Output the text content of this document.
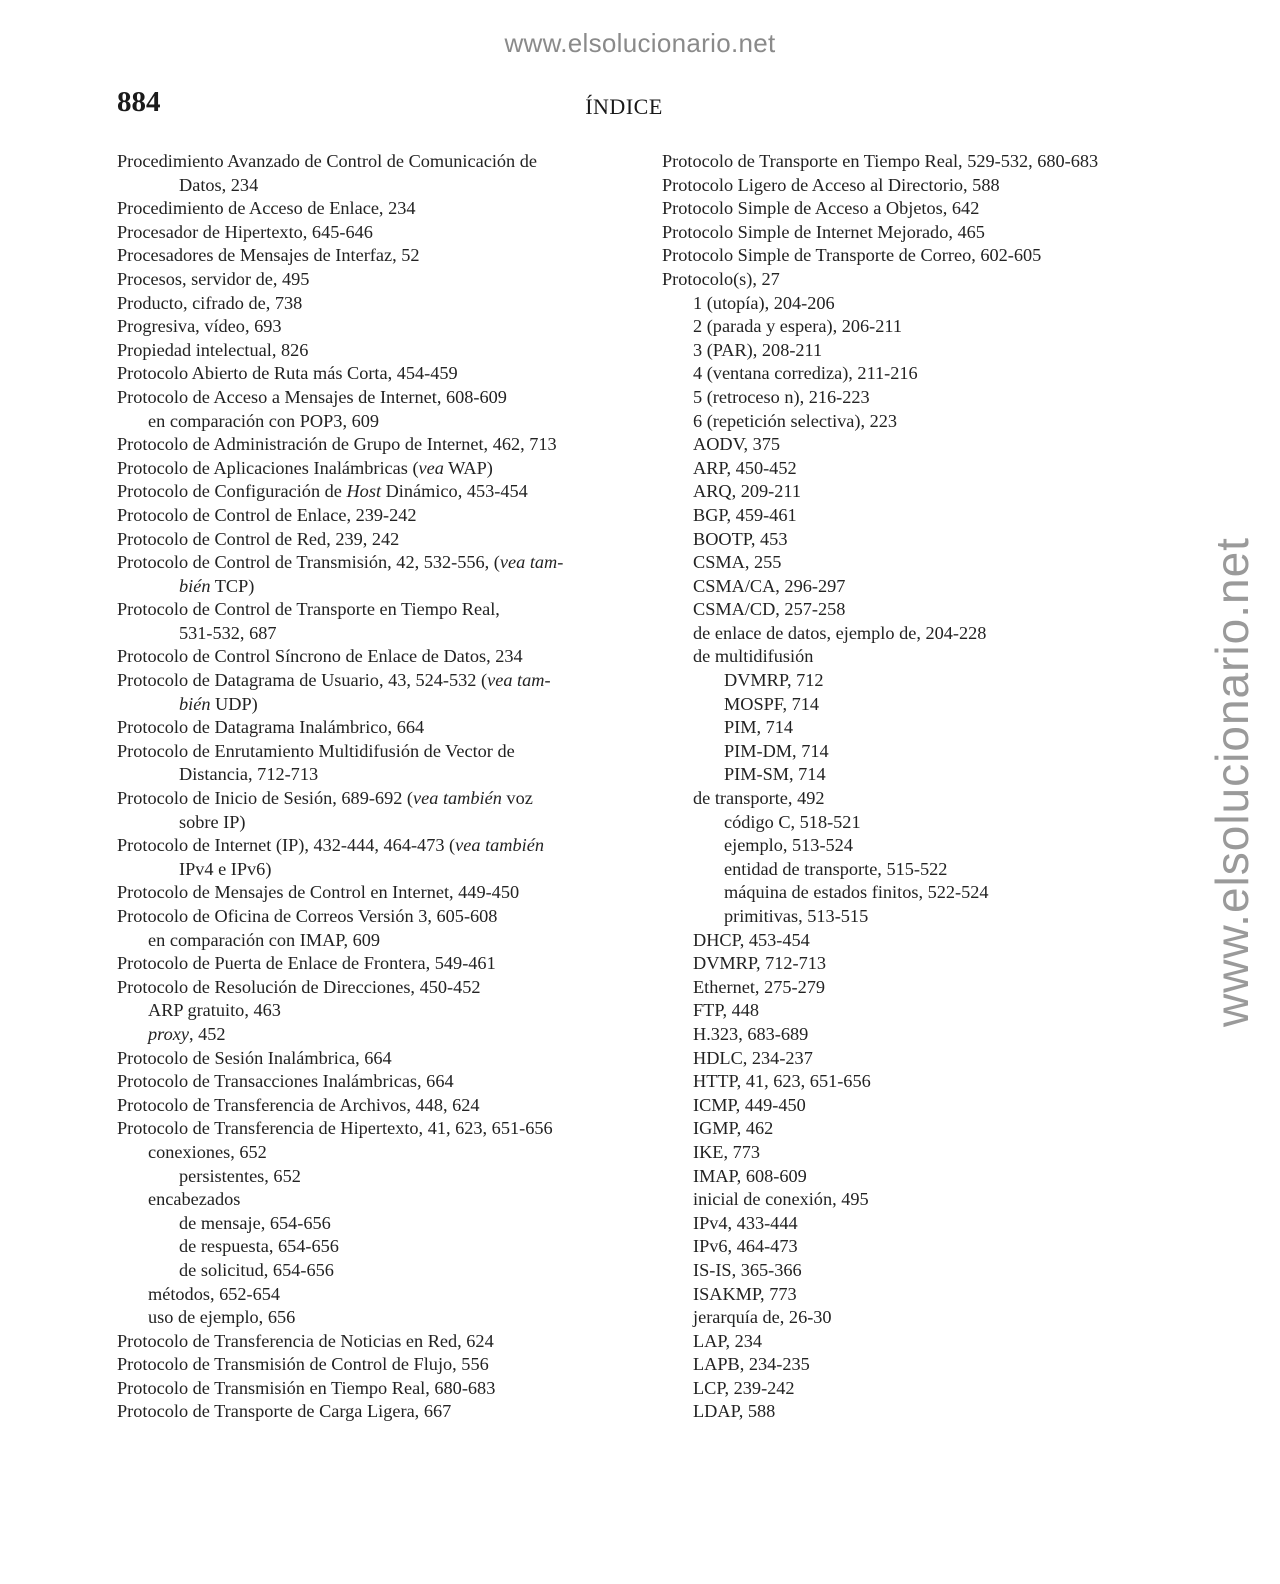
www.elsolucionario.net
www.elsolucionario.net
884	ÍNDICE
Procedimiento Avanzado de Control de Comunicación de
Datos, 234
Procedimiento de Acceso de Enlace, 234
Procesador de Hipertexto, 645-646
Procesadores de Mensajes de Interfaz, 52
Procesos, servidor de, 495
Producto, cifrado de, 738
Progresiva, vídeo, 693
Propiedad intelectual, 826
Protocolo Abierto de Ruta más Corta, 454-459
Protocolo de Acceso a Mensajes de Internet, 608-609
en comparación con POP3, 609
Protocolo de Administración de Grupo de Internet, 462, 713
Protocolo de Aplicaciones Inalámbricas (vea WAP)
Protocolo de Configuración de Host Dinámico, 453-454
Protocolo de Control de Enlace, 239-242
Protocolo de Control de Red, 239, 242
Protocolo de Control de Transmisión, 42, 532-556, (vea tam-
bién TCP)
Protocolo de Control de Transporte en Tiempo Real,
531-532, 687
Protocolo de Control Síncrono de Enlace de Datos, 234
Protocolo de Datagrama de Usuario, 43, 524-532 (vea tam-
bién UDP)
Protocolo de Datagrama Inalámbrico, 664
Protocolo de Enrutamiento Multidifusión de Vector de
Distancia, 712-713
Protocolo de Inicio de Sesión, 689-692 (vea también voz
sobre IP)
Protocolo de Internet (IP), 432-444, 464-473 (vea también
IPv4 e IPv6)
Protocolo de Mensajes de Control en Internet, 449-450
Protocolo de Oficina de Correos Versión 3, 605-608
en comparación con IMAP, 609
Protocolo de Puerta de Enlace de Frontera, 549-461
Protocolo de Resolución de Direcciones, 450-452
ARP gratuito, 463
proxy, 452
Protocolo de Sesión Inalámbrica, 664
Protocolo de Transacciones Inalámbricas, 664
Protocolo de Transferencia de Archivos, 448, 624
Protocolo de Transferencia de Hipertexto, 41, 623, 651-656
conexiones, 652
persistentes, 652
encabezados
de mensaje, 654-656
de respuesta, 654-656
de solicitud, 654-656
métodos, 652-654
uso de ejemplo, 656
Protocolo de Transferencia de Noticias en Red, 624
Protocolo de Transmisión de Control de Flujo, 556
Protocolo de Transmisión en Tiempo Real, 680-683
Protocolo de Transporte de Carga Ligera, 667
Protocolo de Transporte en Tiempo Real, 529-532, 680-683
Protocolo Ligero de Acceso al Directorio, 588
Protocolo Simple de Acceso a Objetos, 642
Protocolo Simple de Internet Mejorado, 465
Protocolo Simple de Transporte de Correo, 602-605
Protocolo(s), 27
1 (utopía), 204-206
2 (parada y espera), 206-211
3 (PAR), 208-211
4 (ventana corrediza), 211-216
5 (retroceso n), 216-223
6 (repetición selectiva), 223
AODV, 375
ARP, 450-452
ARQ, 209-211
BGP, 459-461
BOOTP, 453
CSMA, 255
CSMA/CA, 296-297
CSMA/CD, 257-258
de enlace de datos, ejemplo de, 204-228
de multidifusión
DVMRP, 712
MOSPF, 714
PIM, 714
PIM-DM, 714
PIM-SM, 714
de transporte, 492
código C, 518-521
ejemplo, 513-524
entidad de transporte, 515-522
máquina de estados finitos, 522-524
primitivas, 513-515
DHCP, 453-454
DVMRP, 712-713
Ethernet, 275-279
FTP, 448
H.323, 683-689
HDLC, 234-237
HTTP, 41, 623, 651-656
ICMP, 449-450
IGMP, 462
IKE, 773
IMAP, 608-609
inicial de conexión, 495
IPv4, 433-444
IPv6, 464-473
IS-IS, 365-366
ISAKMP, 773
jerarquía de, 26-30
LAP, 234
LAPB, 234-235
LCP, 239-242
LDAP, 588
